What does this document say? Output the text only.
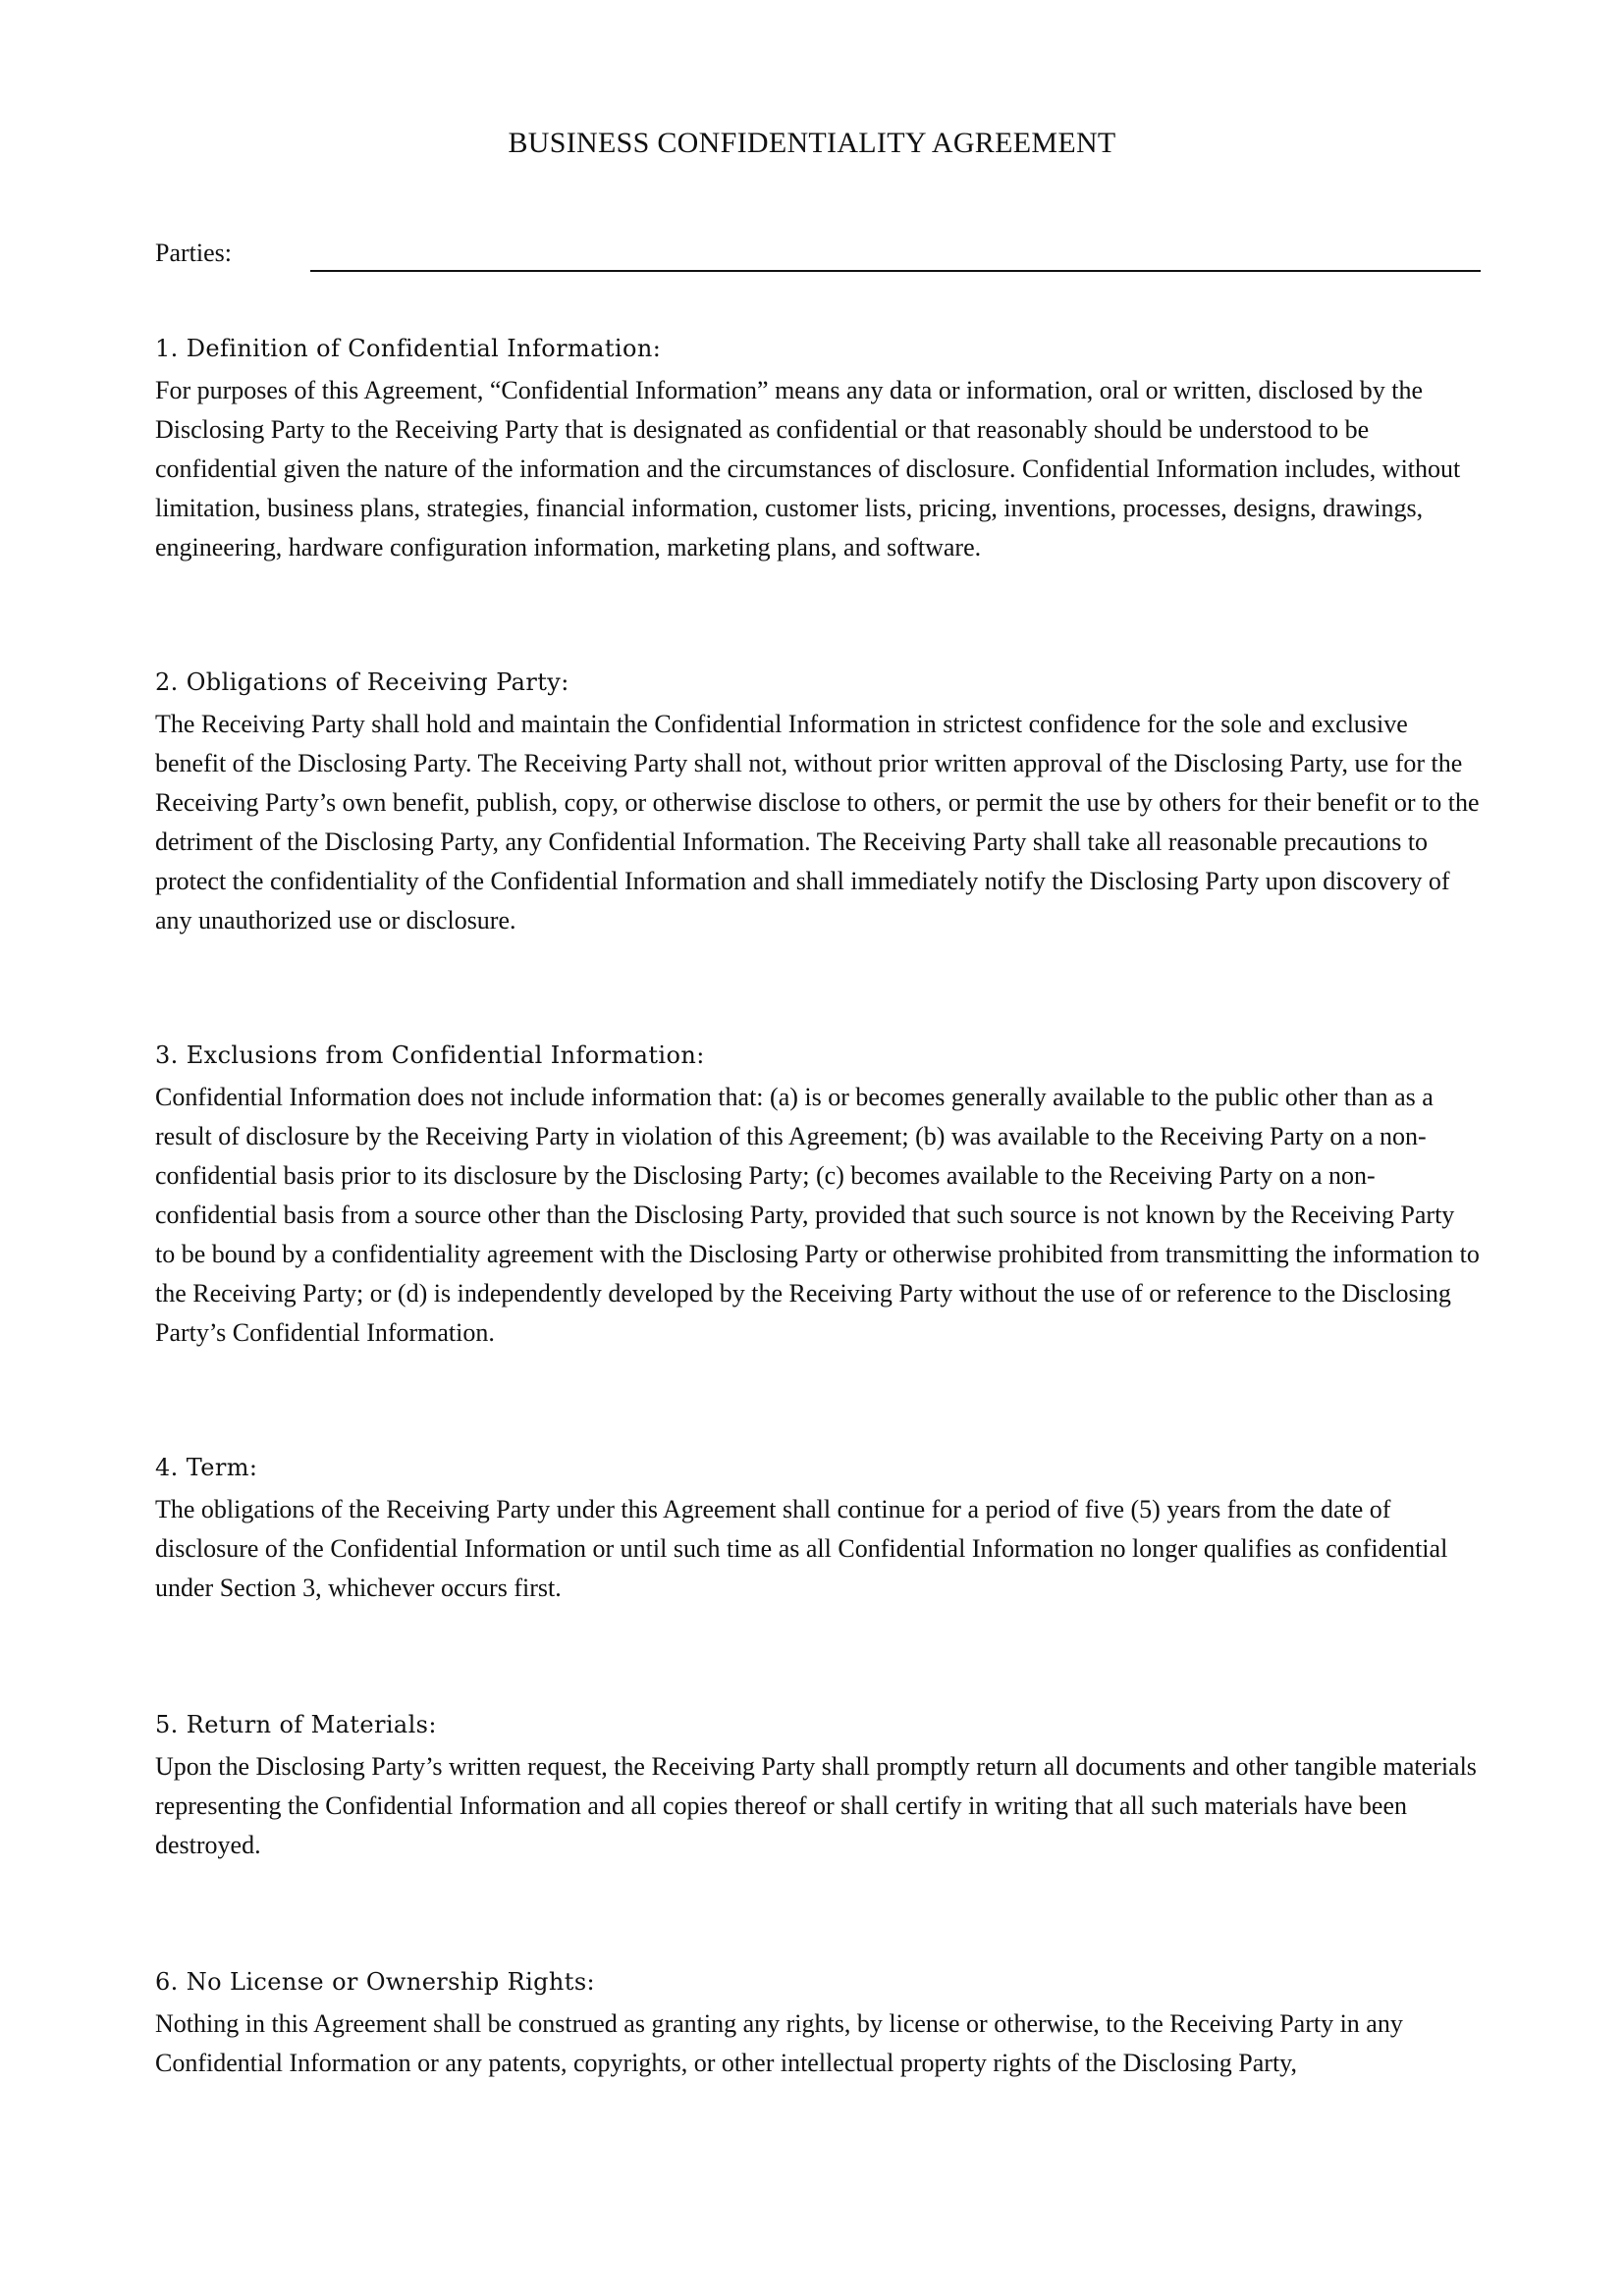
BUSINESS CONFIDENTIALITY AGREEMENT
Parties:
1. Definition of Confidential Information:

For purposes of this Agreement, “Confidential Information” means any data or information, oral or written, disclosed by the Disclosing Party to the Receiving Party that is designated as confidential or that reasonably should be understood to be confidential given the nature of the information and the circumstances of disclosure. Confidential Information includes, without limitation, business plans, strategies, financial information, customer lists, pricing, inventions, processes, designs, drawings, engineering, hardware configuration information, marketing plans, and software.

2. Obligations of Receiving Party:

The Receiving Party shall hold and maintain the Confidential Information in strictest confidence for the sole and exclusive benefit of the Disclosing Party. The Receiving Party shall not, without prior written approval of the Disclosing Party, use for the Receiving Party’s own benefit, publish, copy, or otherwise disclose to others, or permit the use by others for their benefit or to the detriment of the Disclosing Party, any Confidential Information. The Receiving Party shall take all reasonable precautions to protect the confidentiality of the Confidential Information and shall immediately notify the Disclosing Party upon discovery of any unauthorized use or disclosure.

3. Exclusions from Confidential Information:

Confidential Information does not include information that: (a) is or becomes generally available to the public other than as a result of disclosure by the Receiving Party in violation of this Agreement; (b) was available to the Receiving Party on a non-confidential basis prior to its disclosure by the Disclosing Party; (c) becomes available to the Receiving Party on a non-confidential basis from a source other than the Disclosing Party, provided that such source is not known by the Receiving Party to be bound by a confidentiality agreement with the Disclosing Party or otherwise prohibited from transmitting the information to the Receiving Party; or (d) is independently developed by the Receiving Party without the use of or reference to the Disclosing Party’s Confidential Information.

4. Term:

The obligations of the Receiving Party under this Agreement shall continue for a period of five (5) years from the date of disclosure of the Confidential Information or until such time as all Confidential Information no longer qualifies as confidential under Section 3, whichever occurs first.

5. Return of Materials:

Upon the Disclosing Party’s written request, the Receiving Party shall promptly return all documents and other tangible materials representing the Confidential Information and all copies thereof or shall certify in writing that all such materials have been destroyed.

6. No License or Ownership Rights:

Nothing in this Agreement shall be construed as granting any rights, by license or otherwise, to the Receiving Party in any Confidential Information or any patents, copyrights, or other intellectual property rights of the Disclosing Party,
